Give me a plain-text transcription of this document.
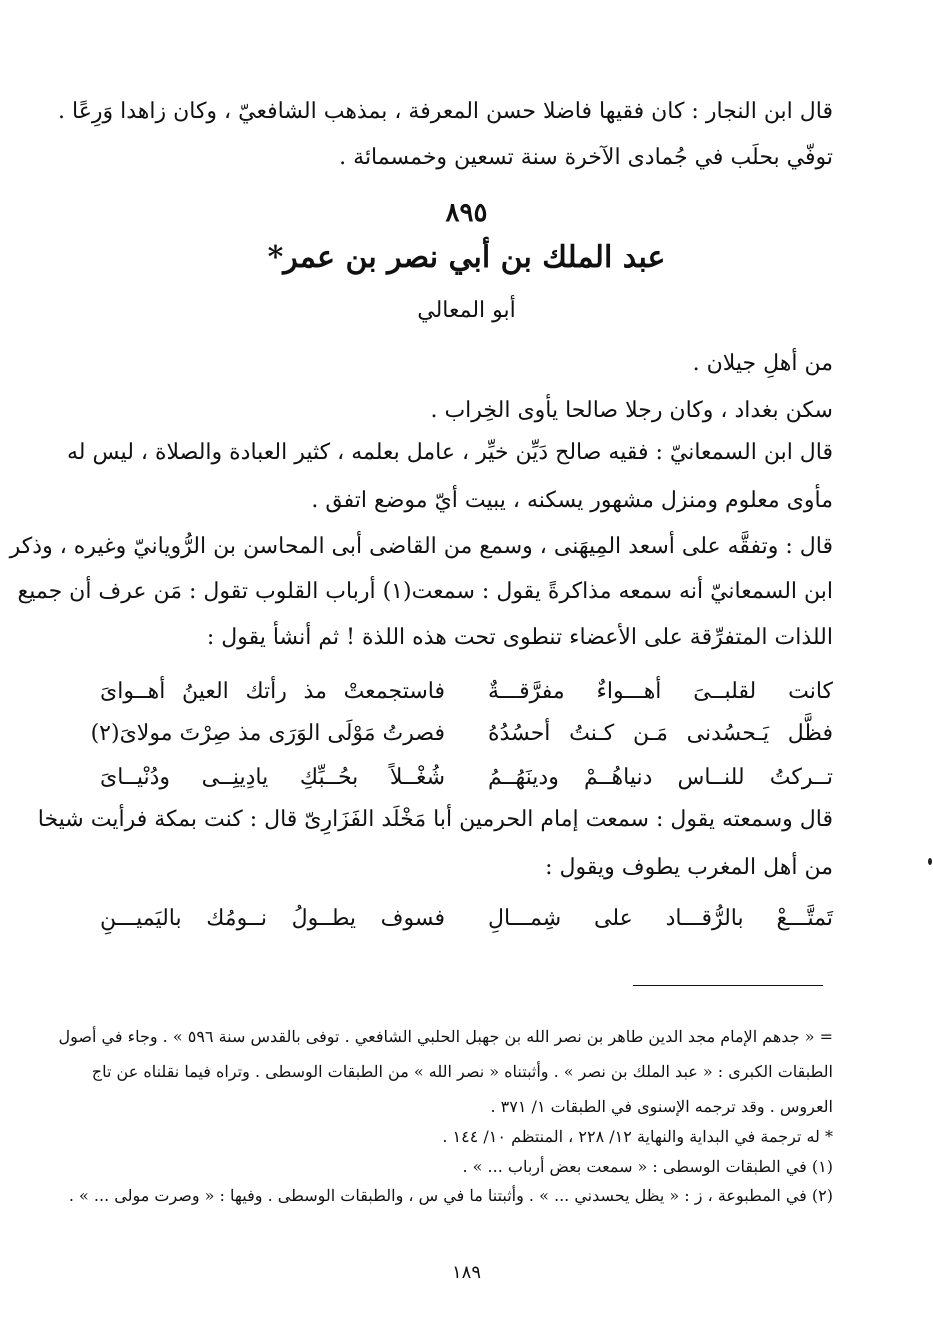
قال ابن النجار : كان فقيها فاضلا حسن المعرفة ، بمذهب الشافعيّ ، وكان زاهدا وَرِعًا .
توفّي بحلَب في جُمادى الآخرة سنة تسعين وخمسمائة .
٨٩٥
عبد الملك بن أبي نصر بن عمر*
أبو المعالي
من أهلِ جيلان .
سكن بغداد ، وكان رجلا صالحا يأوى الخِراب .
قال ابن السمعانيّ : فقيه صالح دَيِّن خيِّر ، عامل بعلمه ، كثير العبادة والصلاة ، ليس له
مأوى معلوم ومنزل مشهور يسكنه ، يبيت أيّ موضع اتفق .
قال : وتفقَّه على أسعد المِيهَنى ، وسمع من القاضى أبى المحاسن بن الرُّويانيّ وغيره ، وذكر
ابن السمعانيّ أنه سمعه مذاكرةً يقول : سمعت(١) أرباب القلوب تقول : مَن عرف أن جميع
اللذات المتفرِّقة على الأعضاء تنطوى تحت هذه اللذة ! ثم أنشأ يقول :
كانت لقلبــىَ أهـــواءٌ مفرَّقـــةٌ
فاستجمعتْ مذ رأتك العينُ أهــواىَ
فظَّل يَـحسُدنى مَـن كـنتُ أحسُدُهُ
فصرتُ مَوْلَى الوَرَى مذ صِرْتَ مولاىَ(٢)
تــركتُ للنــاس دنياهُــمْ ودينَهُــمُ
شُغْــلاً بحُــبِّكِ يادِينِــى ودُنْيــاىَ
قال وسمعته يقول : سمعت إمام الحرمين أبا مَخْلَد الفَزَارِىّ قال : كنت بمكة فرأيت شيخا
من أهل المغرب يطوف ويقول :
تَمتَّـــعْ بالرُّقـــاد على شِمـــالِ
فسوف يطــولُ نــومُك باليَميـــنِ
= « جدهم الإمام مجد الدين طاهر بن نصر الله بن جهبل الحلبي الشافعي . توفى بالقدس سنة ٥٩٦ » . وجاء في أصول
الطبقات الكبرى : « عبد الملك بن نصر » . وأثبتناه « نصر الله » من الطبقات الوسطى . وتراه فيما نقلناه عن تاج
العروس . وقد ترجمه الإسنوى في الطبقات ١/ ٣٧١ .
* له ترجمة في البداية والنهاية ١٢/ ٢٢٨ ، المنتظم ١٠/ ١٤٤ .
(١) في الطبقات الوسطى : « سمعت بعض أرباب ... » .
(٢) في المطبوعة ، ز : « يظل يحسدني ... » . وأثبتنا ما في س ، والطبقات الوسطى . وفيها : « وصرت مولى ... » .
١٨٩
